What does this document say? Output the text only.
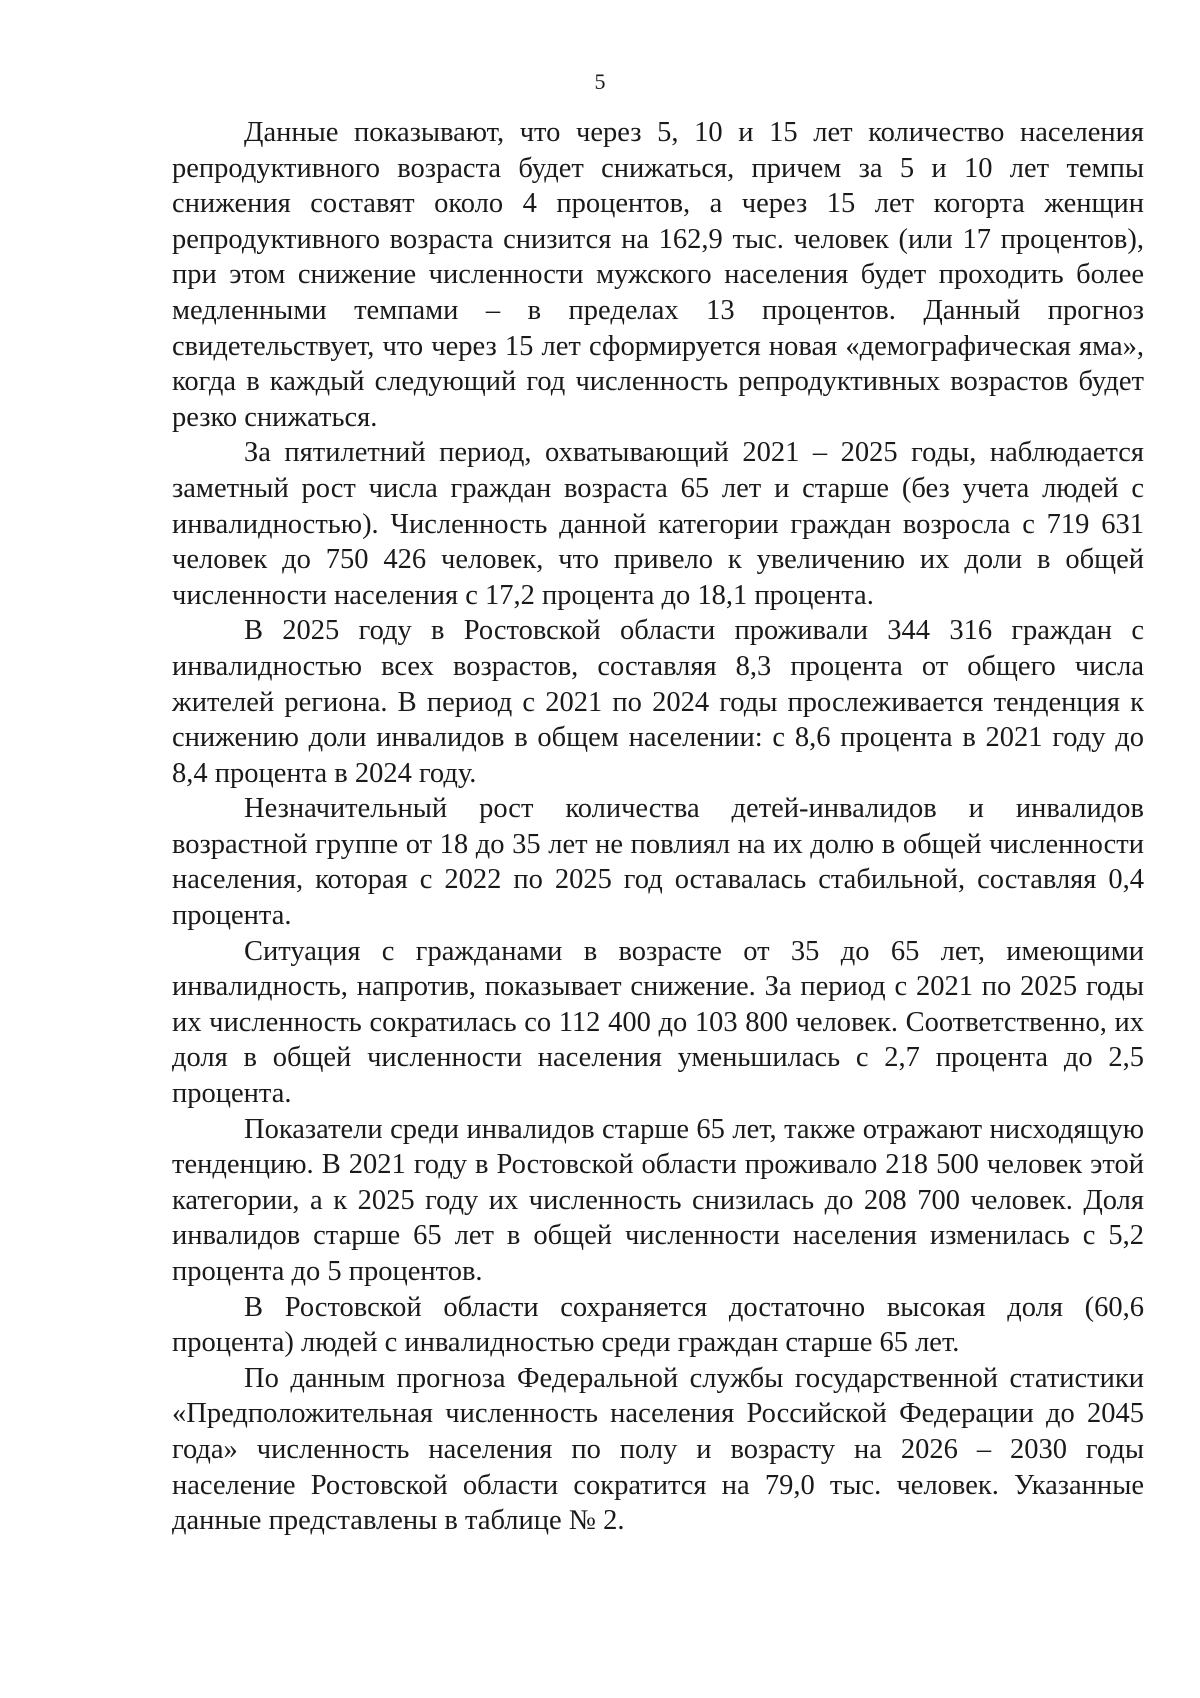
5

Данные показывают, что через 5, 10 и 15 лет количество населения репродуктивного возраста будет снижаться, причем за 5 и 10 лет темпы снижения составят около 4 процентов, а через 15 лет когорта женщин репродуктивного возраста снизится на 162,9 тыс. человек (или 17 процентов), при этом снижение численности мужского населения будет проходить более медленными темпами – в пределах 13 процентов. Данный прогноз свидетельствует, что через 15 лет сформируется новая «демографическая яма», когда в каждый следующий год численность репродуктивных возрастов будет резко снижаться.

За пятилетний период, охватывающий 2021 – 2025 годы, наблюдается заметный рост числа граждан возраста 65 лет и старше (без учета людей с инвалидностью). Численность данной категории граждан возросла с 719 631 человек до 750 426 человек, что привело к увеличению их доли в общей численности населения с 17,2 процента до 18,1 процента.

В 2025 году в Ростовской области проживали 344 316 граждан с инвалидностью всех возрастов, составляя 8,3 процента от общего числа жителей региона. В период с 2021 по 2024 годы прослеживается тенденция к снижению доли инвалидов в общем населении: с 8,6 процента в 2021 году до 8,4 процента в 2024 году.

Незначительный рост количества детей-инвалидов и инвалидов возрастной группе от 18 до 35 лет не повлиял на их долю в общей численности населения, которая с 2022 по 2025 год оставалась стабильной, составляя 0,4 процента.

Ситуация с гражданами в возрасте от 35 до 65 лет, имеющими инвалидность, напротив, показывает снижение. За период с 2021 по 2025 годы их численность сократилась со 112 400 до 103 800 человек. Соответственно, их доля в общей численности населения уменьшилась с 2,7 процента до 2,5 процента.

Показатели среди инвалидов старше 65 лет, также отражают нисходящую тенденцию. В 2021 году в Ростовской области проживало 218 500 человек этой категории, а к 2025 году их численность снизилась до 208 700 человек. Доля инвалидов старше 65 лет в общей численности населения изменилась с 5,2 процента до 5 процентов.

В Ростовской области сохраняется достаточно высокая доля (60,6 процента) людей с инвалидностью среди граждан старше 65 лет.

По данным прогноза Федеральной службы государственной статистики «Предположительная численность населения Российской Федерации до 2045 года» численность населения по полу и возрасту на 2026 – 2030 годы население Ростовской области сократится на 79,0 тыс. человек. Указанные данные представлены в таблице № 2.
